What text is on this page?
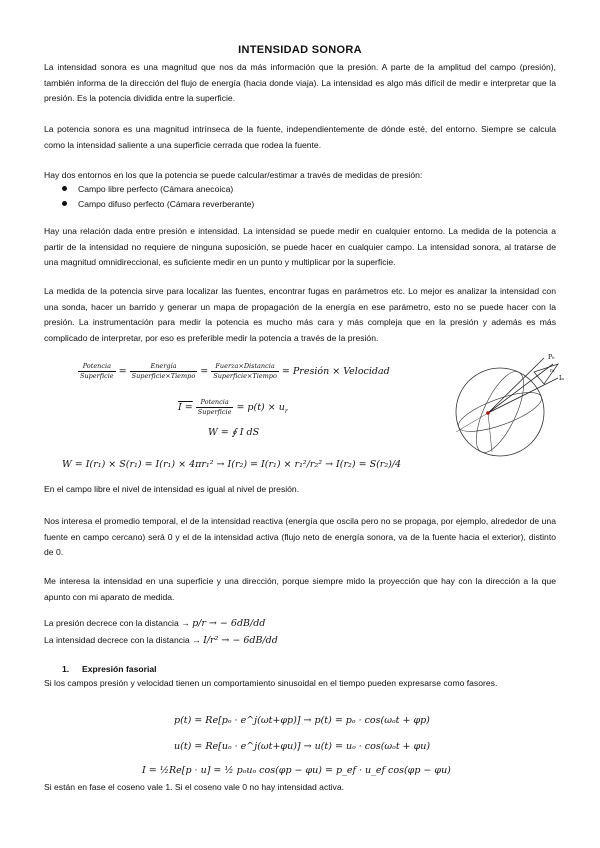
INTENSIDAD SONORA

La intensidad sonora es una magnitud que nos da más información que la presión. A parte de la amplitud del campo (presión), también informa de la dirección del flujo de energía (hacia donde viaja). La intensidad es algo más difícil de medir e interpretar que la presión. Es la potencia dividida entre la superficie.

La potencia sonora es una magnitud intrínseca de la fuente, independientemente de dónde esté, del entorno. Siempre se calcula como la intensidad saliente a una superficie cerrada que rodea la fuente.

Hay dos entornos en los que la potencia se puede calcular/estimar a través de medidas de presión:

Campo libre perfecto (Cámara anecoica)
Campo difuso perfecto (Cámara reverberante)

Hay una relación dada entre presión e intensidad. La intensidad se puede medir en cualquier entorno. La medida de la potencia a partir de la intensidad no requiere de ninguna suposición, se puede hacer en cualquier campo. La intensidad sonora, al tratarse de una magnitud omnidireccional, es suficiente medir en un punto y multiplicar por la superficie.

La medida de la potencia sirve para localizar las fuentes, encontrar fugas en parámetros etc. Lo mejor es analizar la intensidad con una sonda, hacer un barrido y generar un mapa de propagación de la energía en ese parámetro, esto no se puede hacer con la presión. La instrumentación para medir la potencia es mucho más cara y más compleja que en la presión y además es más complicado de interpretar, por eso es preferible medir la potencia a través de la presión.

$\frac{\text{Potencia}}{\text{Superficie}} = \frac{\text{Energía}}{\text{Superficie×Tiempo}} = \frac{\text{Fuerza×Distancia}}{\text{Superficie×Tiempo}}$ = Presión × Velocidad
$I = \frac{\text{Potencia}}{\text{Superficie}} = p(t) \times u_r$
W = ∮ I dS
W = I(r₁) × S(r₁) = I(r₁) × 4πr₁² → I(r₂) = I(r₁) × r₁²/r₂² → I(r₂) = S(r₂)/4
P₀
Iₙ
r₀

En el campo libre el nivel de intensidad es igual al nivel de presión.

Nos interesa el promedio temporal, el de la intensidad reactiva (energía que oscila pero no se propaga, por ejemplo, alrededor de una fuente en campo cercano) será 0 y el de la intensidad activa (flujo neto de energía sonora, va de la fuente hacia el exterior), distinto de 0.

Me interesa la intensidad en una superficie y una dirección, porque siempre mido la proyección que hay con la dirección a la que apunto con mi aparato de medida.

La presión decrece con la distancia → p/r → − 6dB/dd
La intensidad decrece con la distancia → I/r² → − 6dB/dd
1. Expresión fasorial

Si los campos presión y velocidad tienen un comportamiento sinusoidal en el tiempo pueden expresarse como fasores.

p(t) = Re[pₒ · e^j(ωt+φp)] → p(t) = pₒ · cos(ωₒt + φp)
u(t) = Re[uₒ · e^j(ωt+φu)] → u(t) = uₒ · cos(ωₒt + φu)
I = ½Re[p · u] = ½ pₒuₒ cos(φp − φu) = p_ef · u_ef cos(φp − φu)

Si están en fase el coseno vale 1. Si el coseno vale 0 no hay intensidad activa.
